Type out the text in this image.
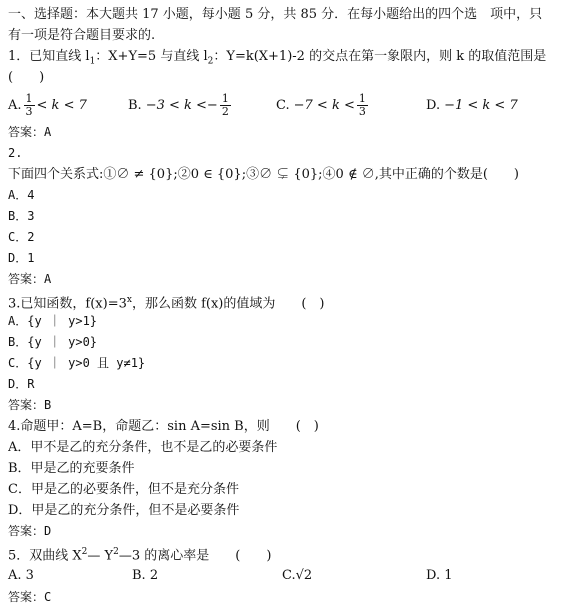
一、选择题：本大题共 17 小题，每小题 5 分，共 85 分．在每小题给出的四个选　项中，只
有一项是符合题目要求的.
1．已知直线 $l_1$：X+Y=5 与直线 $l_2$：Y=k(X+1)-2 的交点在第一象限内，则 k 的取值范围是
(　　)
A. $\frac{1}{3} < k < 7$	B. $-3 < k <- \frac{1}{2}$	C. $-7 < k < \frac{1}{3}$	D. −1 < k < 7
答案：A
2.
下面四个关系式:①∅ ≠ {0};②0 ∈ {0};③∅ ⊊ {0};④0 ∉ ∅,其中正确的个数是(　　)
A．4
B．3
C．2
D．1
答案：A
3.已知函数，$f(x)=3^x$，那么函数 f(x)的值域为　　(　)
A．{y ｜ y>1}
B．{y ｜ y>0}
C．{y ｜ y>0 且 y≠1}
D．R
答案：B
4.命题甲：A=B，命题乙：sin A=sin B，则　　(　)
A．甲不是乙的充分条件，也不是乙的必要条件
B．甲是乙的充要条件
C．甲是乙的必要条件，但不是充分条件
D．甲是乙的充分条件，但不是必要条件
答案：D
5．双曲线 $X^2—$ $Y^2—3$ 的离心率是　　(　　)
A. 3	B. 2	C.√2	D. 1
答案：C
